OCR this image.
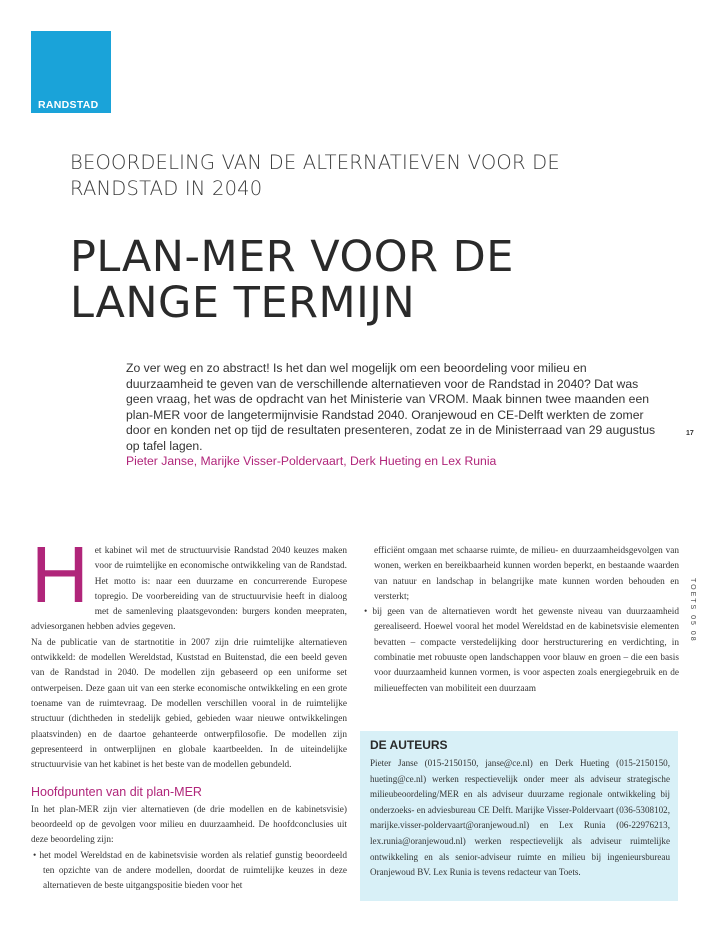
RANDSTAD
BEOORDELING VAN DE ALTERNATIEVEN VOOR DE RANDSTAD IN 2040
PLAN-MER VOOR DE LANGE TERMIJN
Zo ver weg en zo abstract! Is het dan wel mogelijk om een beoordeling voor milieu en duurzaamheid te geven van de verschillende alternatieven voor de Randstad in 2040? Dat was geen vraag, het was de opdracht van het Ministerie van VROM. Maak binnen twee maanden een plan-MER voor de langetermijnvisie Randstad 2040. Oranjewoud en CE-Delft werkten de zomer door en konden net op tijd de resultaten presenteren, zodat ze in de Ministerraad van 29 augustus op tafel lagen.
Pieter Janse, Marijke Visser-Poldervaart, Derk Hueting en Lex Runia
17
TOETS 05 08
H et kabinet wil met de structuurvisie Randstad 2040 keuzes maken voor de ruimtelijke en economische ontwikkeling van de Randstad. Het motto is: naar een duurzame en concurrerende Europese topregio. De voorbereiding van de structuurvisie heeft in dialoog met de samenleving plaatsgevonden: burgers konden meepraten, adviesorganen hebben advies gegeven.

Na de publicatie van de startnotitie in 2007 zijn drie ruimtelijke alternatieven ontwikkeld: de modellen Wereldstad, Kuststad en Buitenstad, die een beeld geven van de Randstad in 2040. De modellen zijn gebaseerd op een uniforme set ontwerpeisen. Deze gaan uit van een sterke economische ontwikkeling en een grote toename van de ruimtevraag. De modellen verschillen vooral in de ruimtelijke structuur (dichtheden in stedelijk gebied, gebieden waar nieuwe ontwikkelingen plaatsvinden) en de daartoe gehanteerde ontwerpfilosofie. De modellen zijn gepresenteerd in ontwerplijnen en globale kaartbeelden. In de uiteindelijke structuurvisie van het kabinet is het beste van de modellen gebundeld.

Hoofdpunten van dit plan-MER

In het plan-MER zijn vier alternatieven (de drie modellen en de kabinetsvisie) beoordeeld op de gevolgen voor milieu en duurzaamheid. De hoofdconclusies uit deze beoordeling zijn:

• het model Wereldstad en de kabinetsvisie worden als relatief gunstig beoordeeld ten opzichte van de andere modellen, doordat de ruimtelijke keuzes in deze alternatieven de beste uitgangspositie bieden voor het

efficiënt omgaan met schaarse ruimte, de milieu- en duurzaamheidsgevolgen van wonen, werken en bereikbaarheid kunnen worden beperkt, en bestaande waarden van natuur en landschap in belangrijke mate kunnen worden behouden en versterkt;

• bij geen van de alternatieven wordt het gewenste niveau van duurzaamheid gerealiseerd. Hoewel vooral het model Wereldstad en de kabinetsvisie elementen bevatten – compacte verstedelijking door herstructurering en verdichting, in combinatie met robuuste open landschappen voor blauw en groen – die een basis voor duurzaamheid kunnen vormen, is voor aspecten zoals energiegebruik en de milieueffecten van mobiliteit een duurzaam

DE AUTEURS
Pieter Janse (015-2150150, janse@ce.nl) en Derk Hueting (015-2150150, hueting@ce.nl) werken respectievelijk onder meer als adviseur strategische milieubeoordeling/MER en als adviseur duurzame regionale ontwikkeling bij onderzoeks- en adviesbureau CE Delft. Marijke Visser-Poldervaart (036-5308102, marijke.visser-poldervaart@oranjewoud.nl) en Lex Runia (06-22976213, lex.runia@oranjewoud.nl) werken respectievelijk als adviseur ruimtelijke ontwikkeling en als senior-adviseur ruimte en milieu bij ingenieursbureau Oranjewoud BV. Lex Runia is tevens redacteur van Toets.
